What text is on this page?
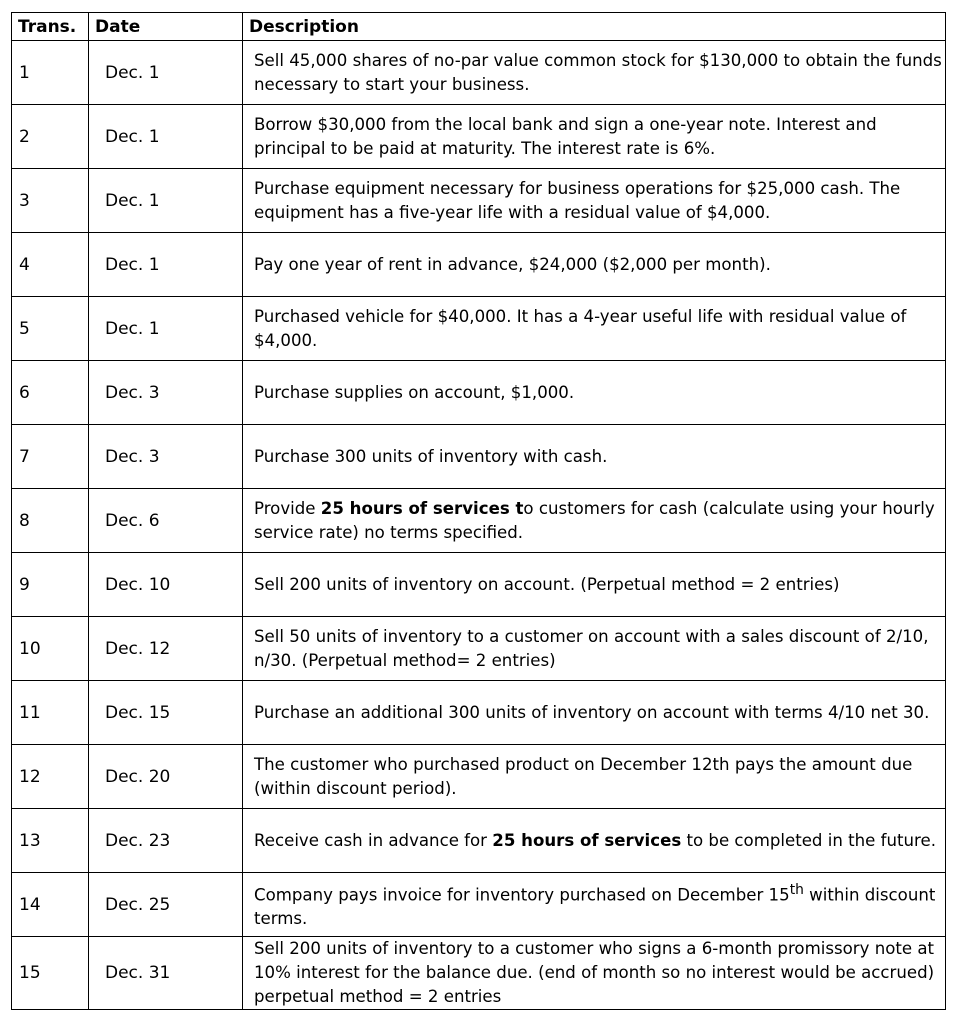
Trans.	Date	Description
1	Dec. 1	Sell 45,000 shares of no-par value common stock for $130,000 to obtain the funds necessary to start your business.
2	Dec. 1	Borrow $30,000 from the local bank and sign a one-year note. Interest and principal to be paid at maturity. The interest rate is 6%.
3	Dec. 1	Purchase equipment necessary for business operations for $25,000 cash. The equipment has a five-year life with a residual value of $4,000.
4	Dec. 1	Pay one year of rent in advance, $24,000 ($2,000 per month).
5	Dec. 1	Purchased vehicle for $40,000. It has a 4-year useful life with residual value of $4,000.
6	Dec. 3	Purchase supplies on account, $1,000.
7	Dec. 3	Purchase 300 units of inventory with cash.
8	Dec. 6	Provide 25 hours of services to customers for cash (calculate using your hourly service rate) no terms specified.
9	Dec. 10	Sell 200 units of inventory on account. (Perpetual method = 2 entries)
10	Dec. 12	Sell 50 units of inventory to a customer on account with a sales discount of 2/10, n/30. (Perpetual method= 2 entries)
11	Dec. 15	Purchase an additional 300 units of inventory on account with terms 4/10 net 30.
12	Dec. 20	The customer who purchased product on December 12th pays the amount due (within discount period).
13	Dec. 23	Receive cash in advance for 25 hours of services to be completed in the future.
14	Dec. 25	Company pays invoice for inventory purchased on December 15th within discount terms.
15	Dec. 31	Sell 200 units of inventory to a customer who signs a 6-month promissory note at 10% interest for the balance due. (end of month so no interest would be accrued) perpetual method = 2 entries
